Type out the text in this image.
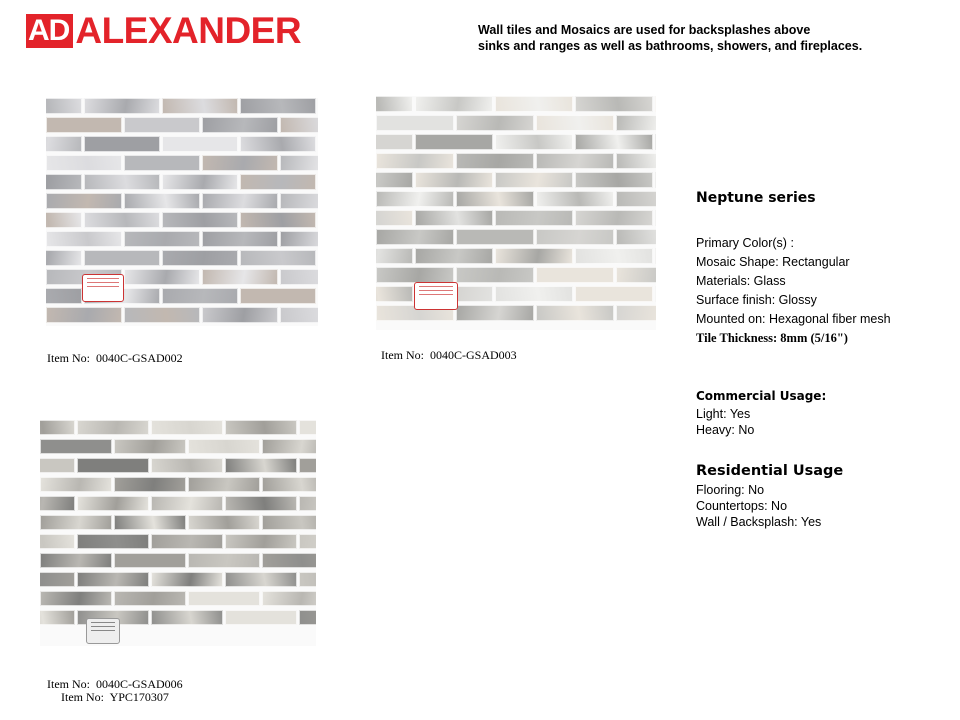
AD ALEXANDER	Wall tiles and Mosaics are used for backsplashes above
sinks and ranges as well as bathrooms, showers, and fireplaces.
Item No: 0040C-GSAD002	Item No: 0040C-GSAD003
Item No: 0040C-GSAD006
Item No: YPC170307
Neptune series
Primary Color(s) :
Mosaic Shape: Rectangular
Materials: Glass
Surface finish: Glossy
Mounted on: Hexagonal fiber mesh
Tile Thickness: 8mm (5/16")
Commercial Usage:
Light: Yes
Heavy: No
Residential Usage
Flooring: No
Countertops: No
Wall / Backsplash: Yes
